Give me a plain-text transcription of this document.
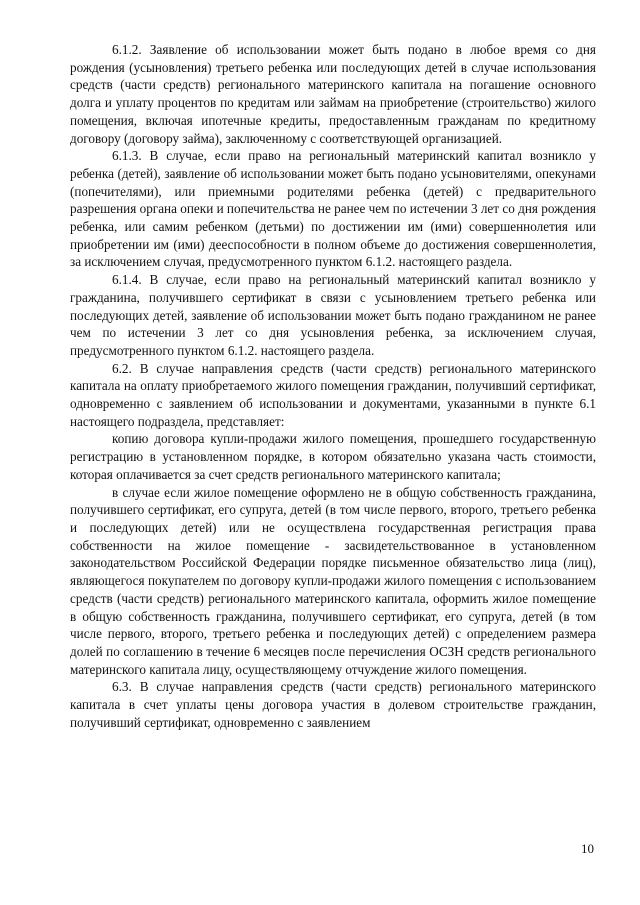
6.1.2. Заявление об использовании может быть подано в любое время со дня рождения (усыновления) третьего ребенка или последующих детей в случае использования средств (части средств) регионального материнского капитала на погашение основного долга и уплату процентов по кредитам или займам на приобретение (строительство) жилого помещения, включая ипотечные кредиты, предоставленным гражданам по кредитному договору (договору займа), заключенному с соответствующей организацией.

6.1.3. В случае, если право на региональный материнский капитал возникло у ребенка (детей), заявление об использовании может быть подано усыновителями, опекунами (попечителями), или приемными родителями ребенка (детей) с предварительного разрешения органа опеки и попечительства не ранее чем по истечении 3 лет со дня рождения ребенка, или самим ребенком (детьми) по достижении им (ими) совершеннолетия или приобретении им (ими) дееспособности в полном объеме до достижения совершеннолетия, за исключением случая, предусмотренного пунктом 6.1.2. настоящего раздела.

6.1.4. В случае, если право на региональный материнский капитал возникло у гражданина, получившего сертификат в связи с усыновлением третьего ребенка или последующих детей, заявление об использовании может быть подано гражданином не ранее чем по истечении 3 лет со дня усыновления ребенка, за исключением случая, предусмотренного пунктом 6.1.2. настоящего раздела.

6.2. В случае направления средств (части средств) регионального материнского капитала на оплату приобретаемого жилого помещения гражданин, получивший сертификат, одновременно с заявлением об использовании и документами, указанными в пункте 6.1 настоящего подраздела, представляет:

копию договора купли-продажи жилого помещения, прошедшего государственную регистрацию в установленном порядке, в котором обязательно указана часть стоимости, которая оплачивается за счет средств регионального материнского капитала;

в случае если жилое помещение оформлено не в общую собственность гражданина, получившего сертификат, его супруга, детей (в том числе первого, второго, третьего ребенка и последующих детей) или не осуществлена государственная регистрация права собственности на жилое помещение - засвидетельствованное в установленном законодательством Российской Федерации порядке письменное обязательство лица (лиц), являющегося покупателем по договору купли-продажи жилого помещения с использованием средств (части средств) регионального материнского капитала, оформить жилое помещение в общую собственность гражданина, получившего сертификат, его супруга, детей (в том числе первого, второго, третьего ребенка и последующих детей) с определением размера долей по соглашению в течение 6 месяцев после перечисления ОСЗН средств регионального материнского капитала лицу, осуществляющему отчуждение жилого помещения.

6.3. В случае направления средств (части средств) регионального материнского капитала в счет уплаты цены договора участия в долевом строительстве гражданин, получивший сертификат, одновременно с заявлением

10
